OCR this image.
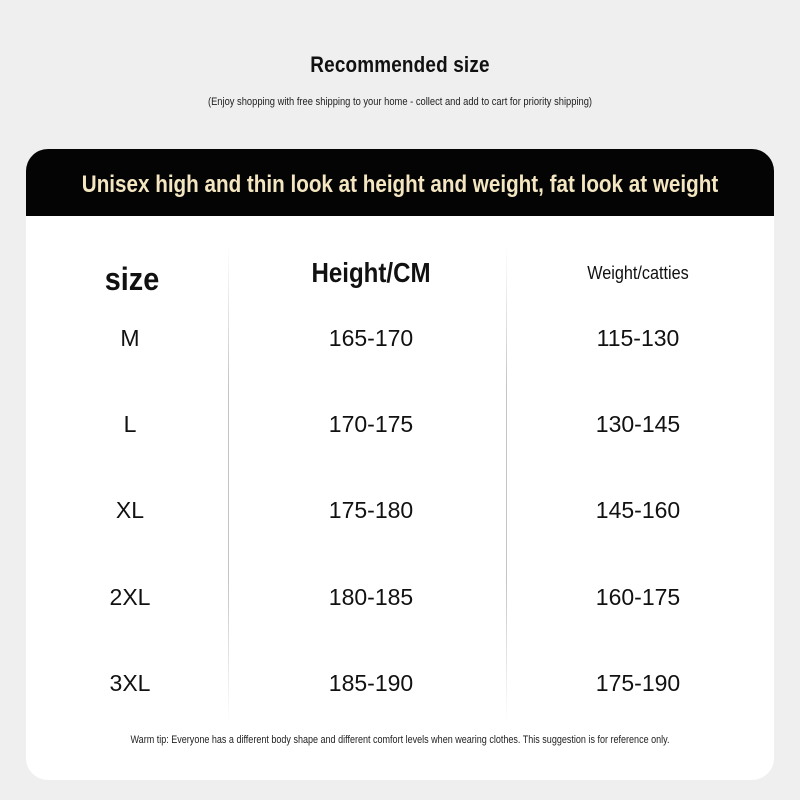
Recommended size
(Enjoy shopping with free shipping to your home - collect and add to cart for priority shipping)
Unisex high and thin look at height and weight, fat look at weight
size	Height/CM	Weight/catties
M	165-170	115-130
L	170-175	130-145
XL	175-180	145-160
2XL	180-185	160-175
3XL	185-190	175-190
Warm tip: Everyone has a different body shape and different comfort levels when wearing clothes. This suggestion is for reference only.
